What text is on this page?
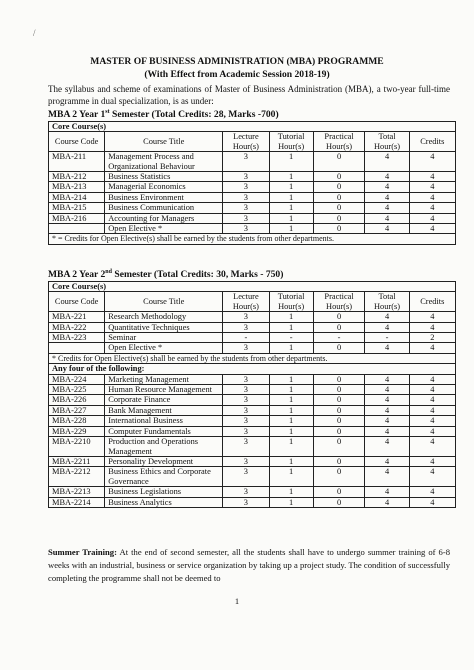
/
MASTER OF BUSINESS ADMINISTRATION (MBA) PROGRAMME
(With Effect from Academic Session 2018-19)
The syllabus and scheme of examinations of Master of Business Administration (MBA), a two-year full-time programme in dual specialization, is as under:
MBA 2 Year 1st Semester (Total Credits: 28, Marks -700)
Core Course(s)						
Course Code	Course Title	Lecture Hour(s)	Tutorial Hour(s)	Practical Hour(s)	Total Hour(s)	Credits
MBA-211	Management Process and Organizational Behaviour	3	1	0	4	4
MBA-212	Business Statistics	3	1	0	4	4
MBA-213	Managerial Economics	3	1	0	4	4
MBA-214	Business Environment	3	1	0	4	4
MBA-215	Business Communication	3	1	0	4	4
MBA-216	Accounting for Managers	3	1	0	4	4
	Open Elective *	3	1	0	4	4
* = Credits for Open Elective(s) shall be earned by the students from other departments.						
MBA 2 Year 2nd Semester (Total Credits: 30, Marks - 750)
Core Course(s)						
Course Code	Course Title	Lecture Hour(s)	Tutorial Hour(s)	Practical Hour(s)	Total Hour(s)	Credits
MBA-221	Research Methodology	3	1	0	4	4
MBA-222	Quantitative Techniques	3	1	0	4	4
MBA-223	Seminar	-	-	-	-	2
	Open Elective *	3	1	0	4	4
* Credits for Open Elective(s) shall be earned by the students from other departments.						
Any four of the following:						
MBA-224	Marketing Management	3	1	0	4	4
MBA-225	Human Resource Management	3	1	0	4	4
MBA-226	Corporate Finance	3	1	0	4	4
MBA-227	Bank Management	3	1	0	4	4
MBA-228	International Business	3	1	0	4	4
MBA-229	Computer Fundamentals	3	1	0	4	4
MBA-2210	Production and Operations Management	3	1	0	4	4
MBA-2211	Personality Development	3	1	0	4	4
MBA-2212	Business Ethics and Corporate Governance	3	1	0	4	4
MBA-2213	Business Legislations	3	1	0	4	4
MBA-2214	Business Analytics	3	1	0	4	4
Summer Training: At the end of second semester, all the students shall have to undergo summer training of 6-8 weeks with an industrial, business or service organization by taking up a project study. The condition of successfully completing the programme shall not be deemed to
1
